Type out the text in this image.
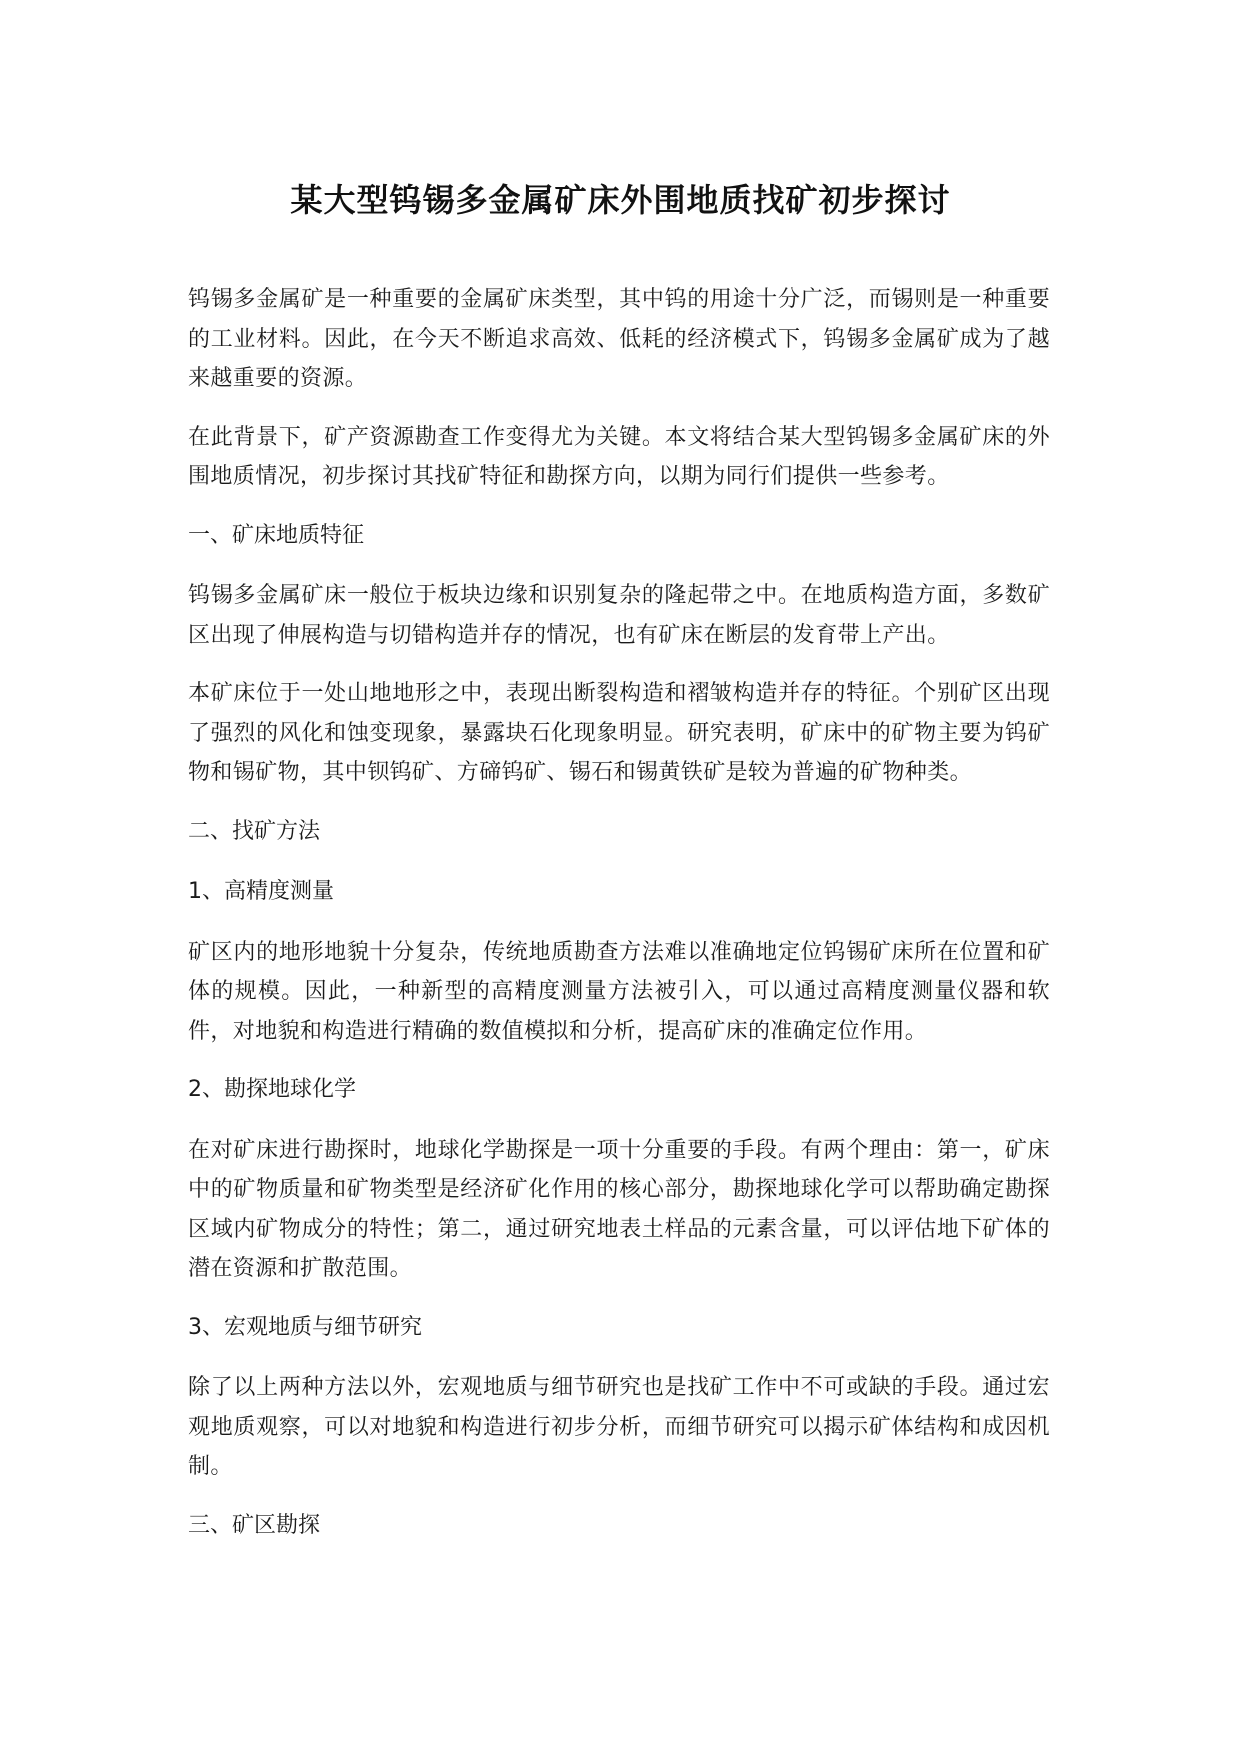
某大型钨锡多金属矿床外围地质找矿初步探讨

钨锡多金属矿是一种重要的金属矿床类型，其中钨的用途十分广泛，而锡则是一种重要的工业材料。因此，在今天不断追求高效、低耗的经济模式下，钨锡多金属矿成为了越来越重要的资源。

在此背景下，矿产资源勘查工作变得尤为关键。本文将结合某大型钨锡多金属矿床的外围地质情况，初步探讨其找矿特征和勘探方向，以期为同行们提供一些参考。

一、矿床地质特征

钨锡多金属矿床一般位于板块边缘和识别复杂的隆起带之中。在地质构造方面，多数矿区出现了伸展构造与切错构造并存的情况，也有矿床在断层的发育带上产出。

本矿床位于一处山地地形之中，表现出断裂构造和褶皱构造并存的特征。个别矿区出现了强烈的风化和蚀变现象，暴露块石化现象明显。研究表明，矿床中的矿物主要为钨矿物和锡矿物，其中钡钨矿、方碲钨矿、锡石和锡黄铁矿是较为普遍的矿物种类。

二、找矿方法
1、高精度测量

矿区内的地形地貌十分复杂，传统地质勘查方法难以准确地定位钨锡矿床所在位置和矿体的规模。因此，一种新型的高精度测量方法被引入，可以通过高精度测量仪器和软件，对地貌和构造进行精确的数值模拟和分析，提高矿床的准确定位作用。

2、勘探地球化学

在对矿床进行勘探时，地球化学勘探是一项十分重要的手段。有两个理由：第一，矿床中的矿物质量和矿物类型是经济矿化作用的核心部分，勘探地球化学可以帮助确定勘探区域内矿物成分的特性；第二，通过研究地表土样品的元素含量，可以评估地下矿体的潜在资源和扩散范围。

3、宏观地质与细节研究

除了以上两种方法以外，宏观地质与细节研究也是找矿工作中不可或缺的手段。通过宏观地质观察，可以对地貌和构造进行初步分析，而细节研究可以揭示矿体结构和成因机制。

三、矿区勘探
